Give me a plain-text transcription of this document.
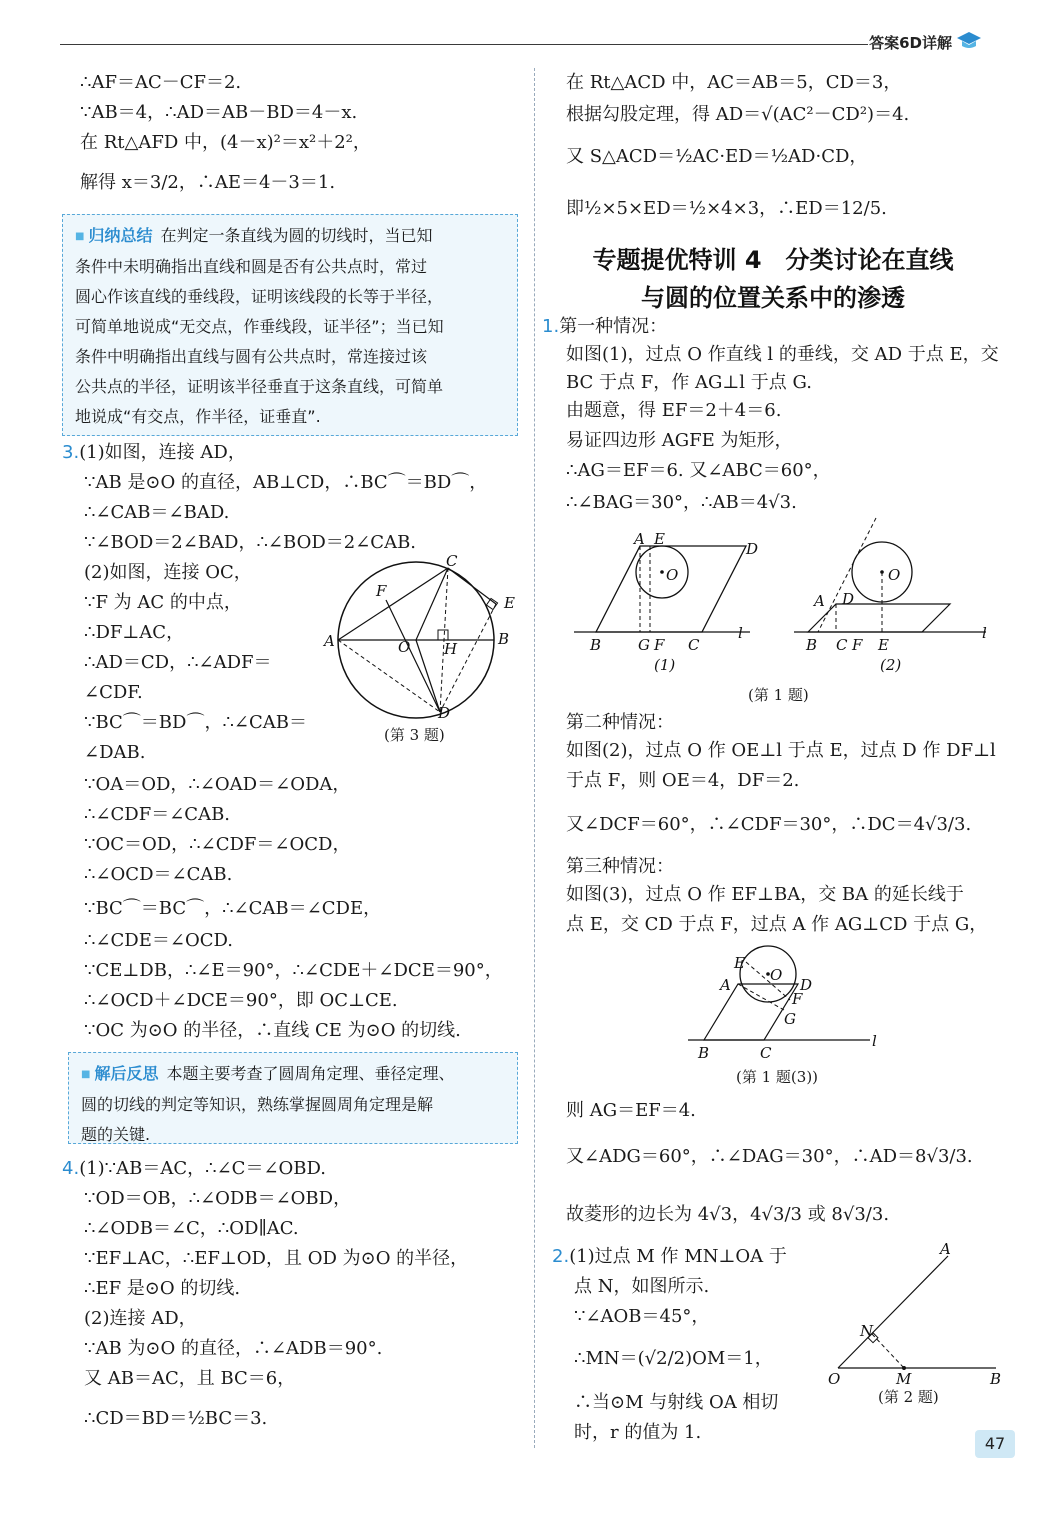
答案6D详解
∴AF＝AC－CF＝2.
∵AB＝4，∴AD＝AB－BD＝4－x.
在 Rt△AFD 中，(4－x)²＝x²＋2²，
解得 x＝3/2，∴AE＝4－3＝1.
■ 归纳总结 在判定一条直线为圆的切线时，当已知
条件中未明确指出直线和圆是否有公共点时，常过
圆心作该直线的垂线段，证明该线段的长等于半径，
可简单地说成“无交点，作垂线段，证半径”；当已知
条件中明确指出直线与圆有公共点时，常连接过该
公共点的半径，证明该半径垂直于这条直线，可简单
地说成“有交点，作半径，证垂直”.
3.(1)如图，连接 AD，
∵AB 是⊙O 的直径，AB⊥CD，∴BC⌒＝BD⌒，
∴∠CAB＝∠BAD.
∵∠BOD＝2∠BAD，∴∠BOD＝2∠CAB.
(2)如图，连接 OC，
∵F 为 AC 的中点，
∴DF⊥AC，
∴AD＝CD，∴∠ADF＝
∠CDF.
∵BC⌒＝BD⌒，∴∠CAB＝
∠DAB.
∵OA＝OD，∴∠OAD＝∠ODA，
∴∠CDF＝∠CAB.
∵OC＝OD，∴∠CDF＝∠OCD，
∴∠OCD＝∠CAB.
∵BC⌒＝BC⌒，∴∠CAB＝∠CDE，
∴∠CDE＝∠OCD.
∵CE⊥DB，∴∠E＝90°，∴∠CDE＋∠DCE＝90°，
∴∠OCD＋∠DCE＝90°，即 OC⊥CE.
∵OC 为⊙O 的半径，∴直线 CE 为⊙O 的切线.
A	B
C
D
E
F
O H
(第 3 题)
■ 解后反思 本题主要考查了圆周角定理、垂径定理、
圆的切线的判定等知识，熟练掌握圆周角定理是解
题的关键.
4.(1)∵AB＝AC，∴∠C＝∠OBD.
∵OD＝OB，∴∠ODB＝∠OBD，
∴∠ODB＝∠C，∴OD∥AC.
∵EF⊥AC，∴EF⊥OD，且 OD 为⊙O 的半径，
∴EF 是⊙O 的切线.
(2)连接 AD，
∵AB 为⊙O 的直径，∴∠ADB＝90°.
又 AB＝AC，且 BC＝6，
∴CD＝BD＝½BC＝3.
在 Rt△ACD 中，AC＝AB＝5，CD＝3，
根据勾股定理，得 AD＝√(AC²－CD²)＝4.
又 S△ACD＝½AC·ED＝½AD·CD，
即½×5×ED＝½×4×3，∴ED＝12/5.
专题提优特训 4　分类讨论在直线
与圆的位置关系中的渗透
1.第一种情况：
如图(1)，过点 O 作直线 l 的垂线，交 AD 于点 E，交
BC 于点 F，作 AG⊥l 于点 G.
由题意，得 EF＝2＋4＝6.
易证四边形 AGFE 为矩形，
∴AG＝EF＝6. 又∠ABC＝60°，
∴∠BAG＝30°，∴AB＝4√3.
A E
D
O
B G F C
l
(1)
O
A D
B C F E
l
(2)
(第 1 题)
第二种情况：
如图(2)，过点 O 作 OE⊥l 于点 E，过点 D 作 DF⊥l
于点 F，则 OE＝4，DF＝2.
又∠DCF＝60°，∴∠CDF＝30°，∴DC＝4√3/3.
第三种情况：
如图(3)，过点 O 作 EF⊥BA，交 BA 的延长线于
点 E，交 CD 于点 F，过点 A 作 AG⊥CD 于点 G，
E
O
A	D
F
G
B	C
l
(第 1 题(3))
则 AG＝EF＝4.
又∠ADG＝60°，∴∠DAG＝30°，∴AD＝8√3/3.
故菱形的边长为 4√3，4√3/3 或 8√3/3.
2.(1)过点 M 作 MN⊥OA 于
点 N，如图所示.
∵∠AOB＝45°，
∴MN＝(√2/2)OM＝1，
∴当⊙M 与射线 OA 相切
时，r 的值为 1.
A
N
O	M	B
(第 2 题)
47
